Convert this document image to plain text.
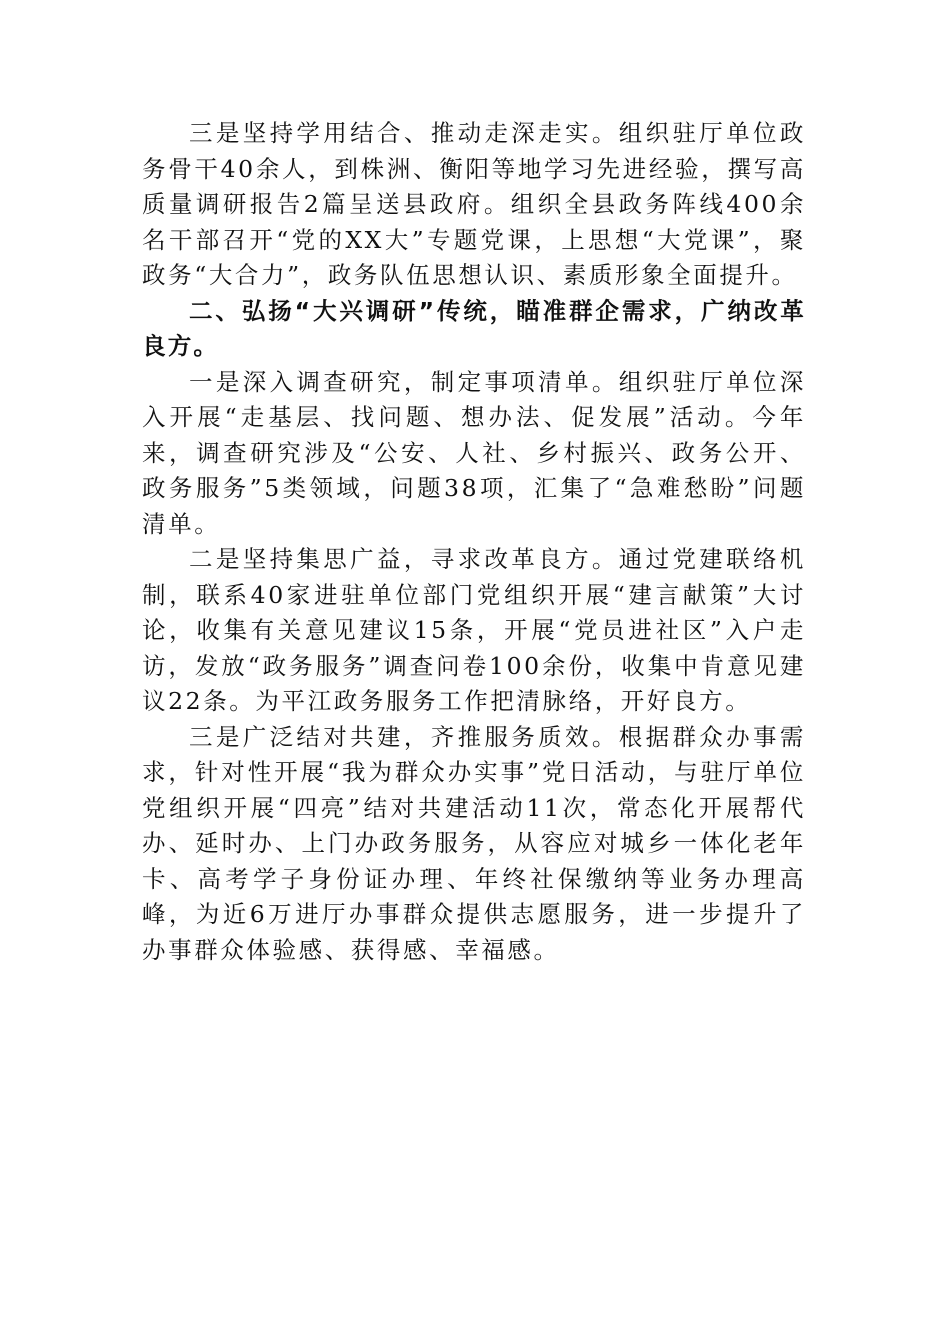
三是坚持学用结合、推动走深走实。组织驻厅单位政务骨干40余人，到株洲、衡阳等地学习先进经验，撰写高质量调研报告2篇呈送县政府。组织全县政务阵线400余名干部召开“党的XX大”专题党课，上思想“大党课”，聚政务“大合力”，政务队伍思想认识、素质形象全面提升。

二、弘扬“大兴调研”传统，瞄准群企需求，广纳改革良方。

一是深入调查研究，制定事项清单。组织驻厅单位深入开展“走基层、找问题、想办法、促发展”活动。今年来，调查研究涉及“公安、人社、乡村振兴、政务公开、政务服务”5类领域，问题38项，汇集了“急难愁盼”问题清单。

二是坚持集思广益，寻求改革良方。通过党建联络机制，联系40家进驻单位部门党组织开展“建言献策”大讨论，收集有关意见建议15条，开展“党员进社区”入户走访，发放“政务服务”调查问卷100余份，收集中肯意见建议22条。为平江政务服务工作把清脉络，开好良方。

三是广泛结对共建，齐推服务质效。根据群众办事需求，针对性开展“我为群众办实事”党日活动，与驻厅单位党组织开展“四亮”结对共建活动11次，常态化开展帮代办、延时办、上门办政务服务，从容应对城乡一体化老年卡、高考学子身份证办理、年终社保缴纳等业务办理高峰，为近6万进厅办事群众提供志愿服务，进一步提升了办事群众体验感、获得感、幸福感。
